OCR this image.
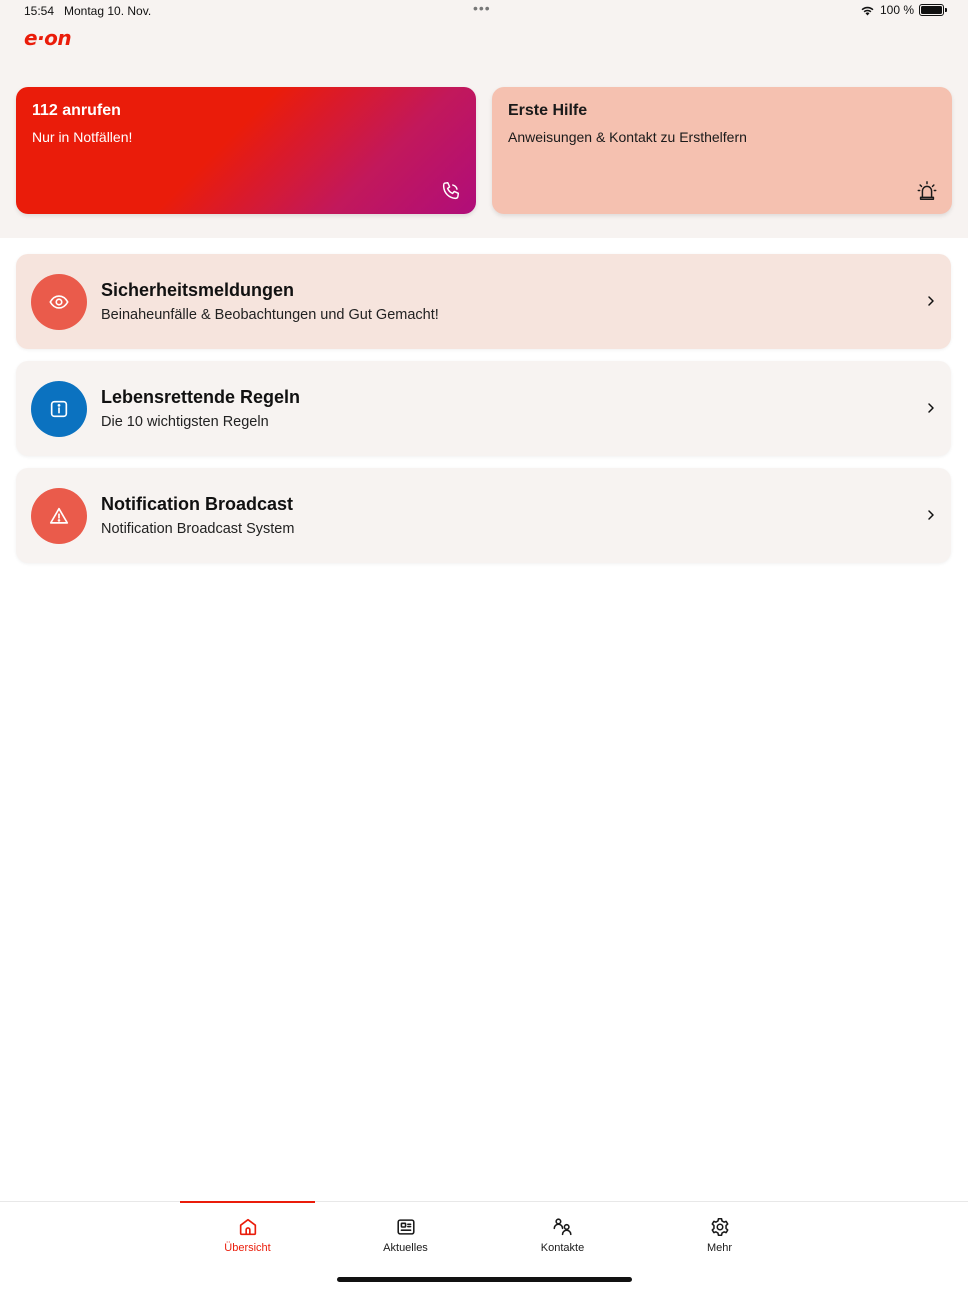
15:54 Montag 10. Nov.	•••	100 %
e·on
112 anrufen
Nur in Notfällen!
Erste Hilfe
Anweisungen & Kontakt zu Ersthelfern
Sicherheitsmeldungen
Beinaheunfälle & Beobachtungen und Gut Gemacht!
Lebensrettende Regeln
Die 10 wichtigsten Regeln
Notification Broadcast
Notification Broadcast System
Übersicht	Aktuelles	Kontakte	Mehr
